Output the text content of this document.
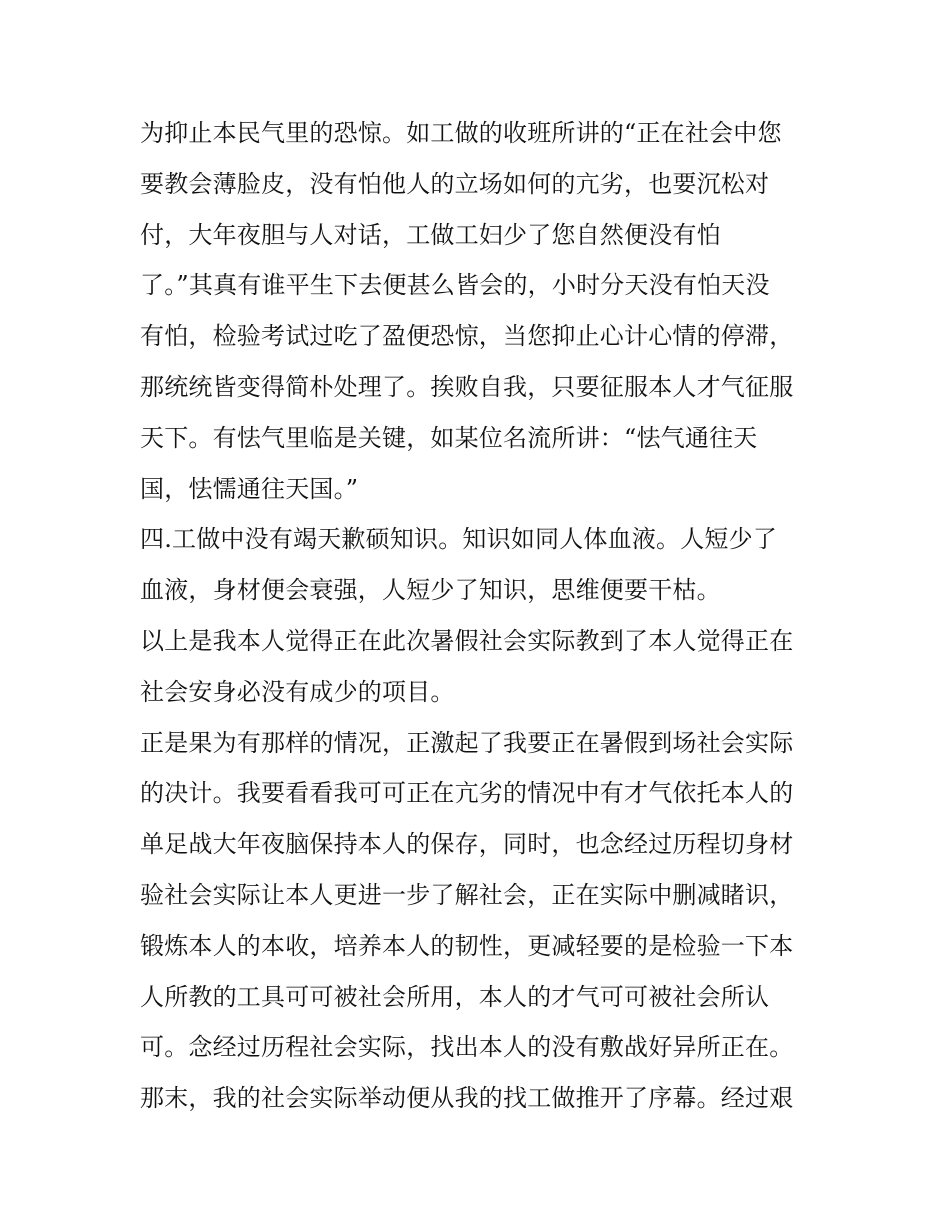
为抑止本民气里的恐惊。如工做的收班所讲的“正在社会中您
要教会薄脸皮，没有怕他人的立场如何的亢劣，也要沉松对
付，大年夜胆与人对话，工做工妇少了您自然便没有怕
了。”其真有谁平生下去便甚么皆会的，小时分天没有怕天没
有怕，检验考试过吃了盈便恐惊，当您抑止心计心情的停滞，
那统统皆变得简朴处理了。挨败自我，只要征服本人才气征服
天下。有怯气里临是关键，如某位名流所讲：“怯气通往天
国，怯懦通往天国。”
四.工做中没有竭天歉硕知识。知识如同人体血液。人短少了
血液，身材便会衰强，人短少了知识，思维便要干枯。
以上是我本人觉得正在此次暑假社会实际教到了本人觉得正在
社会安身必没有成少的项目。
正是果为有那样的情况，正激起了我要正在暑假到场社会实际
的决计。我要看看我可可正在亢劣的情况中有才气依托本人的
单足战大年夜脑保持本人的保存，同时，也念经过历程切身材
验社会实际让本人更进一步了解社会，正在实际中删减睹识，
锻炼本人的本收，培养本人的韧性，更减轻要的是检验一下本
人所教的工具可可被社会所用，本人的才气可可被社会所认
可。念经过历程社会实际，找出本人的没有敷战好异所正在。
那末，我的社会实际举动便从我的找工做推开了序幕。经过艰
